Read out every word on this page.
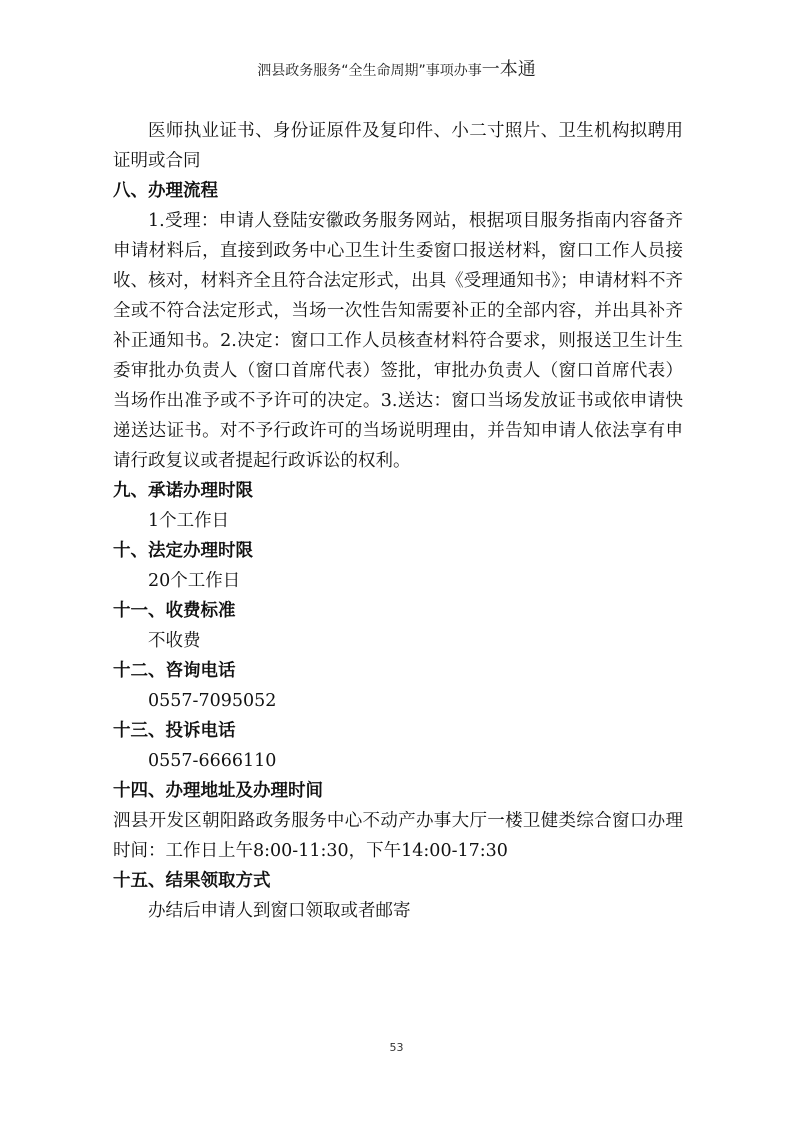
泗县政务服务“全生命周期”事项办事一本通

医师执业证书、身份证原件及复印件、小二寸照片、卫生机构拟聘用证明或合同

八、办理流程

1.受理：申请人登陆安徽政务服务网站，根据项目服务指南内容备齐申请材料后，直接到政务中心卫生计生委窗口报送材料，窗口工作人员接收、核对，材料齐全且符合法定形式，出具《受理通知书》；申请材料不齐全或不符合法定形式，当场一次性告知需要补正的全部内容，并出具补齐补正通知书。2.决定：窗口工作人员核查材料符合要求，则报送卫生计生委审批办负责人（窗口首席代表）签批，审批办负责人（窗口首席代表）当场作出准予或不予许可的决定。3.送达：窗口当场发放证书或依申请快递送达证书。对不予行政许可的当场说明理由，并告知申请人依法享有申请行政复议或者提起行政诉讼的权利。

九、承诺办理时限

1个工作日

十、法定办理时限

20个工作日

十一、收费标准

不收费

十二、咨询电话

0557-7095052

十三、投诉电话

0557-6666110

十四、办理地址及办理时间

泗县开发区朝阳路政务服务中心不动产办事大厅一楼卫健类综合窗口办理时间：工作日上午8:00-11:30，下午14:00-17:30

十五、结果领取方式

办结后申请人到窗口领取或者邮寄

53
